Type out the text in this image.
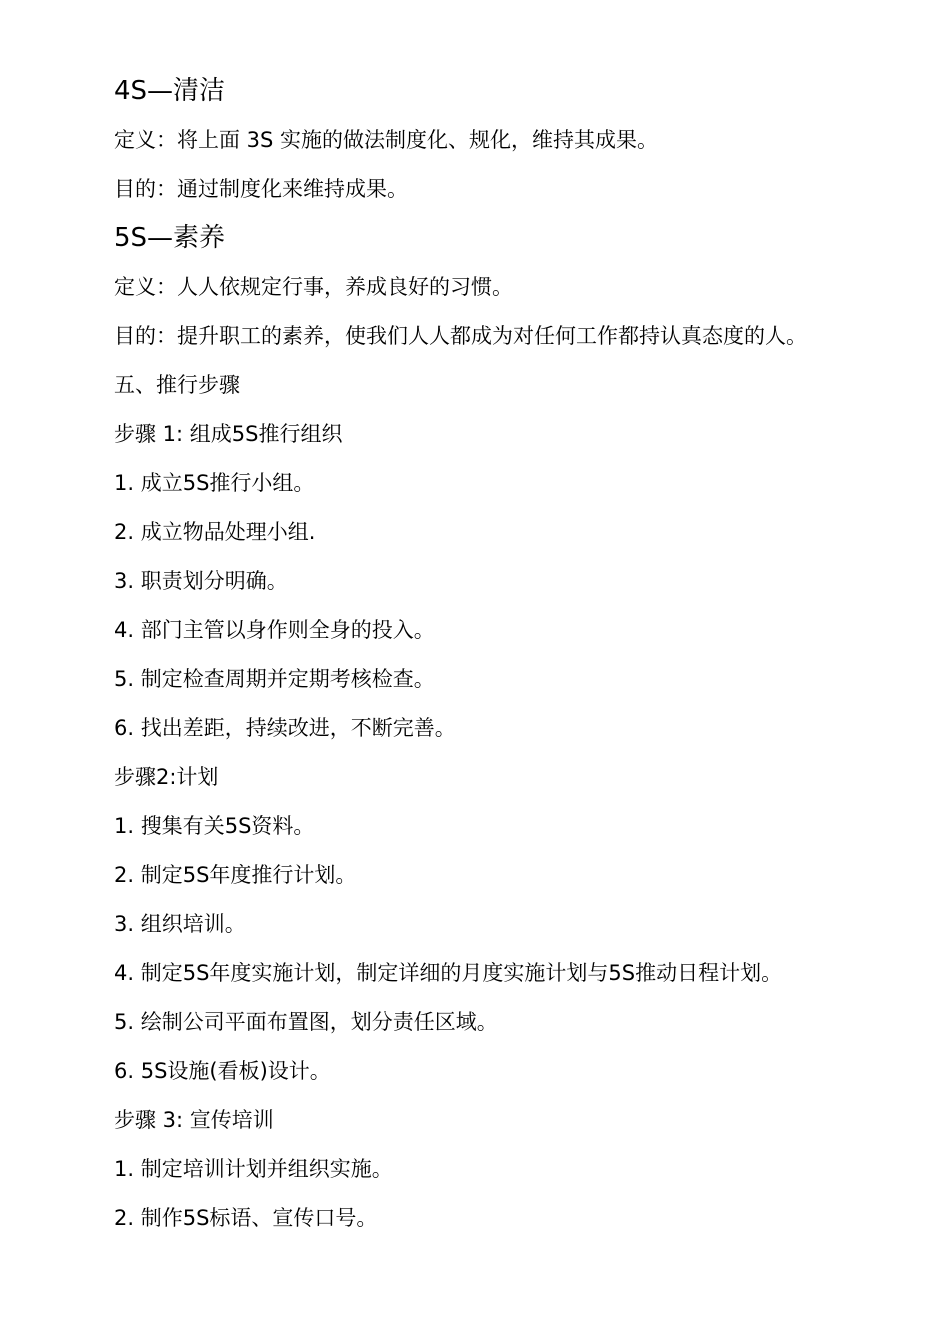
4S—清洁
定义：将上面 3S 实施的做法制度化、规化，维持其成果。
目的：通过制度化来维持成果。
5S—素养
定义：人人依规定行事，养成良好的习惯。
目的：提升职工的素养，使我们人人都成为对任何工作都持认真态度的人。
五、推行步骤
步骤 1: 组成5S推行组织
1. 成立5S推行小组。
2. 成立物品处理小组.
3. 职责划分明确。
4. 部门主管以身作则全身的投入。
5. 制定检查周期并定期考核检查。
6. 找出差距，持续改进，不断完善。
步骤2:计划
1. 搜集有关5S资料。
2. 制定5S年度推行计划。
3. 组织培训。
4. 制定5S年度实施计划，制定详细的月度实施计划与5S推动日程计划。
5. 绘制公司平面布置图，划分责任区域。
6. 5S设施(看板)设计。
步骤 3: 宣传培训
1. 制定培训计划并组织实施。
2. 制作5S标语、宣传口号。
